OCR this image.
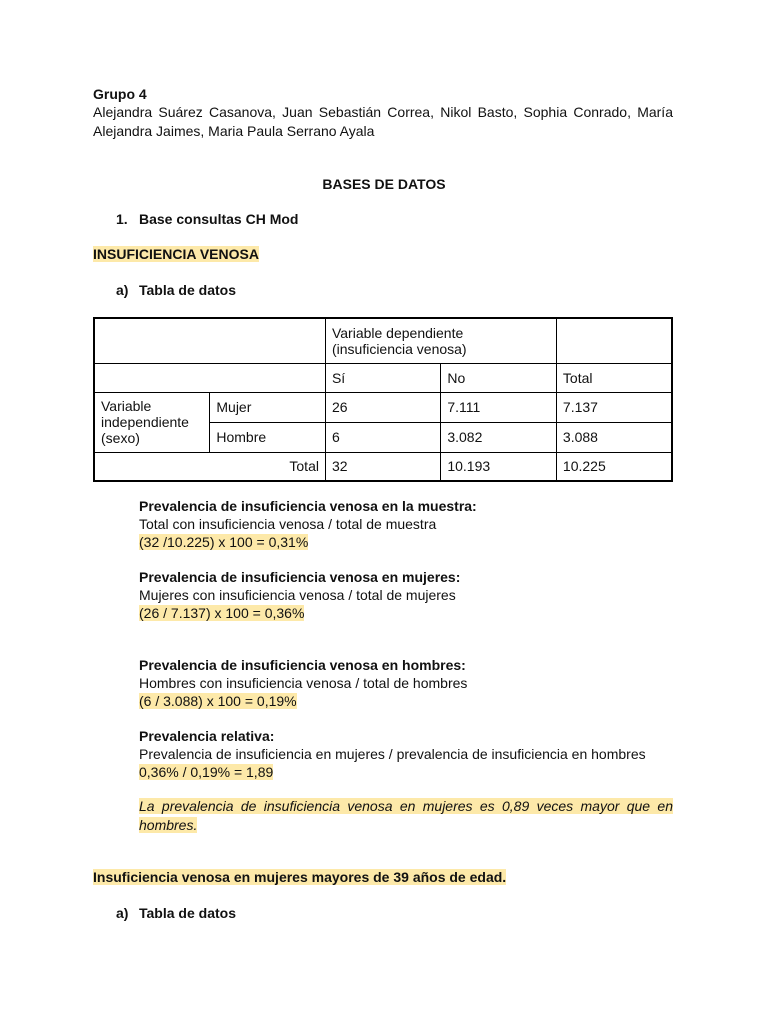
Grupo 4
Alejandra Suárez Casanova, Juan Sebastián Correa, Nikol Basto, Sophia Conrado, María Alejandra Jaimes, Maria Paula Serrano Ayala
BASES DE DATOS
1. Base consultas CH Mod
INSUFICIENCIA VENOSA
a) Tabla de datos

		Variable dependiente
(insuficiencia venosa)		

		Sí	No	Total
Variable independiente (sexo)	Mujer	26	7.111	7.137
	Hombre	6	3.082	3.088
Total		32	10.193	10.225
Prevalencia de insuficiencia venosa en la muestra:
Total con insuficiencia venosa / total de muestra
(32 /10.225) x 100 = 0,31%
Prevalencia de insuficiencia venosa en mujeres:
Mujeres con insuficiencia venosa / total de mujeres
(26 / 7.137) x 100 = 0,36%
Prevalencia de insuficiencia venosa en hombres:
Hombres con insuficiencia venosa / total de hombres
(6 / 3.088) x 100 = 0,19%
Prevalencia relativa:
Prevalencia de insuficiencia en mujeres / prevalencia de insuficiencia en hombres
0,36% / 0,19% = 1,89
La prevalencia de insuficiencia venosa en mujeres es 0,89 veces mayor que en hombres.
Insuficiencia venosa en mujeres mayores de 39 años de edad.
a) Tabla de datos
